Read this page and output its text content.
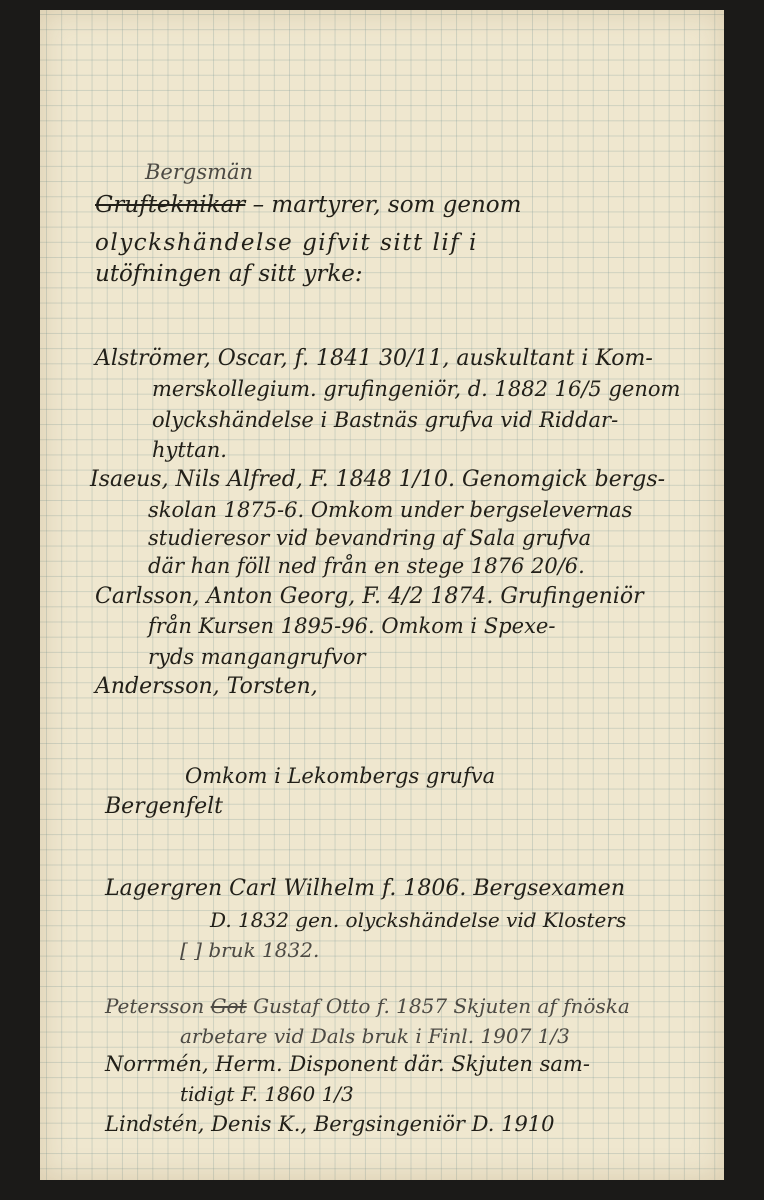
Bergsmän

Grufteknikar – martyrer, som genom

olyckshändelse gifvit sitt lif i

utöfningen af sitt yrke:

Alströmer, Oscar, f. 1841 30/11, auskultant i Kom-

merskollegium. grufingeniör, d. 1882 16/5 genom

olyckshändelse i Bastnäs grufva vid Riddar-

hyttan.

Isaeus, Nils Alfred, F. 1848 1/10. Genomgick bergs-

skolan 1875-6. Omkom under bergselevernas

studieresor vid bevandring af Sala grufva

där han föll ned från en stege 1876 20/6.

Carlsson, Anton Georg, F. 4/2 1874. Grufingeniör

från Kursen 1895-96. Omkom i Spexe-

ryds mangangrufvor

Andersson, Torsten,

Omkom i Lekombergs grufva

Bergenfelt

Lagergren Carl Wilhelm f. 1806. Bergsexamen

D. 1832 gen. olyckshändelse vid Klosters

[ ] bruk 1832.

Petersson Got Gustaf Otto f. 1857 Skjuten af fnöska

arbetare vid Dals bruk i Finl. 1907 1/3

Norrmén, Herm. Disponent där. Skjuten sam-

tidigt F. 1860 1/3

Lindstén, Denis K., Bergsingeniör D. 1910
